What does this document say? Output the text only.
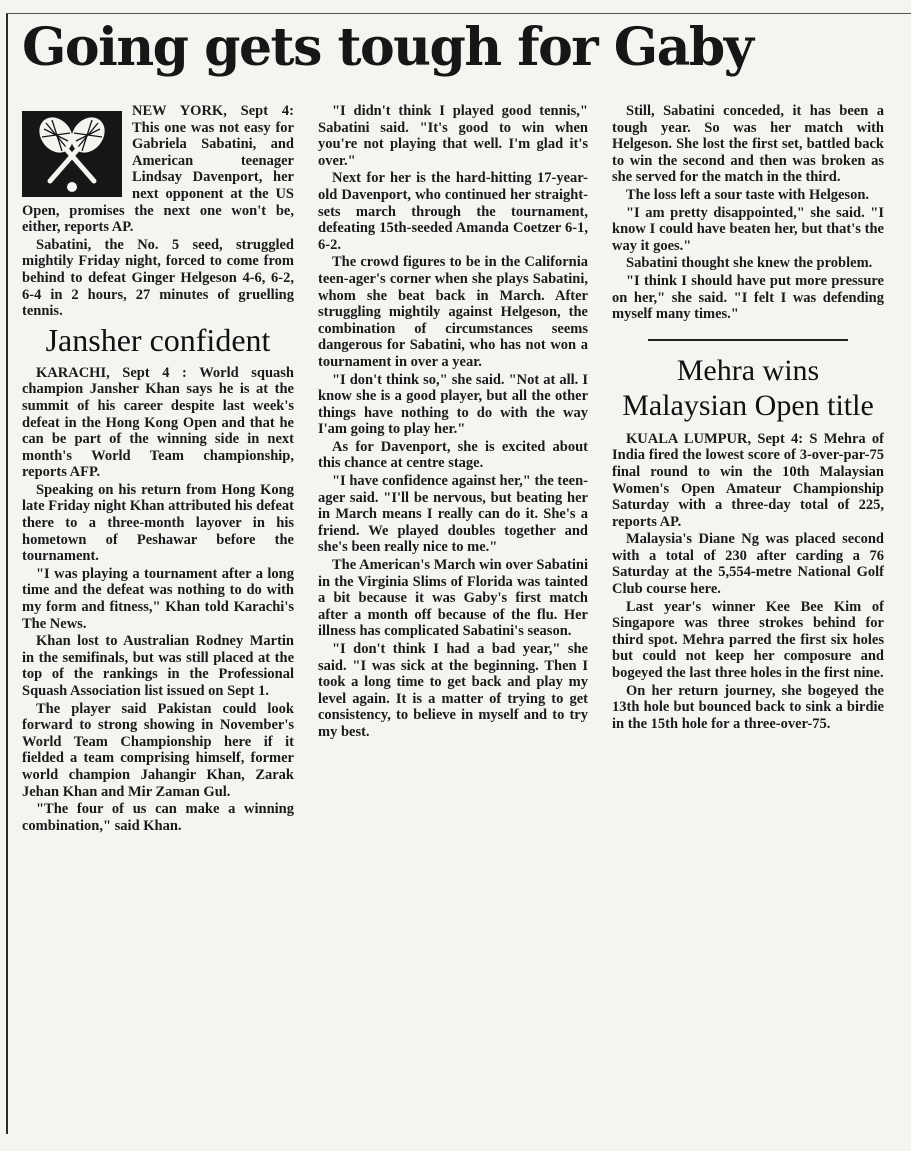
Going gets tough for Gaby

NEW YORK, Sept 4: This one was not easy for Gabriela Sabatini, and American teenager Lindsay Davenport, her next opponent at the US Open, promises the next one won't be, either, reports AP.

Sabatini, the No. 5 seed, struggled mightily Friday night, forced to come from behind to defeat Ginger Helgeson 4-6, 6-2, 6-4 in 2 hours, 27 minutes of gruelling tennis.

Jansher confident

KARACHI, Sept 4 : World squash champion Jansher Khan says he is at the summit of his career despite last week's defeat in the Hong Kong Open and that he can be part of the winning side in next month's World Team championship, reports AFP.

Speaking on his return from Hong Kong late Friday night Khan attributed his defeat there to a three-month layover in his hometown of Peshawar before the tournament.

"I was playing a tournament after a long time and the defeat was nothing to do with my form and fitness," Khan told Karachi's The News.

Khan lost to Australian Rodney Martin in the semifinals, but was still placed at the top of the rankings in the Professional Squash Association list issued on Sept 1.

The player said Pakistan could look forward to strong showing in November's World Team Championship here if it fielded a team comprising himself, former world champion Jahangir Khan, Zarak Jehan Khan and Mir Zaman Gul.

"The four of us can make a winning combination," said Khan.

"I didn't think I played good tennis," Sabatini said. "It's good to win when you're not playing that well. I'm glad it's over."

Next for her is the hard-hitting 17-year-old Davenport, who continued her straight-sets march through the tournament, defeating 15th-seeded Amanda Coetzer 6-1, 6-2.

The crowd figures to be in the California teen-ager's corner when she plays Sabatini, whom she beat back in March. After struggling mightily against Helgeson, the combination of circumstances seems dangerous for Sabatini, who has not won a tournament in over a year.

"I don't think so," she said. "Not at all. I know she is a good player, but all the other things have nothing to do with the way I'am going to play her."

As for Davenport, she is excited about this chance at centre stage.

"I have confidence against her," the teen-ager said. "I'll be nervous, but beating her in March means I really can do it. She's a friend. We played doubles together and she's been really nice to me."

The American's March win over Sabatini in the Virginia Slims of Florida was tainted a bit because it was Gaby's first match after a month off because of the flu. Her illness has complicated Sabatini's season.

"I don't think I had a bad year," she said. "I was sick at the beginning. Then I took a long time to get back and play my level again. It is a matter of trying to get consistency, to believe in myself and to try my best.

Still, Sabatini conceded, it has been a tough year. So was her match with Helgeson. She lost the first set, battled back to win the second and then was broken as she served for the match in the third.

The loss left a sour taste with Helgeson.

"I am pretty disappointed," she said. "I know I could have beaten her, but that's the way it goes."

Sabatini thought she knew the problem.

"I think I should have put more pressure on her," she said. "I felt I was defending myself many times."

Mehra wins Malaysian Open title

KUALA LUMPUR, Sept 4: S Mehra of India fired the lowest score of 3-over-par-75 final round to win the 10th Malaysian Women's Open Amateur Championship Saturday with a three-day total of 225, reports AP.

Malaysia's Diane Ng was placed second with a total of 230 after carding a 76 Saturday at the 5,554-metre National Golf Club course here.

Last year's winner Kee Bee Kim of Singapore was three strokes behind for third spot. Mehra parred the first six holes but could not keep her composure and bogeyed the last three holes in the first nine.

On her return journey, she bogeyed the 13th hole but bounced back to sink a birdie in the 15th hole for a three-over-75.
